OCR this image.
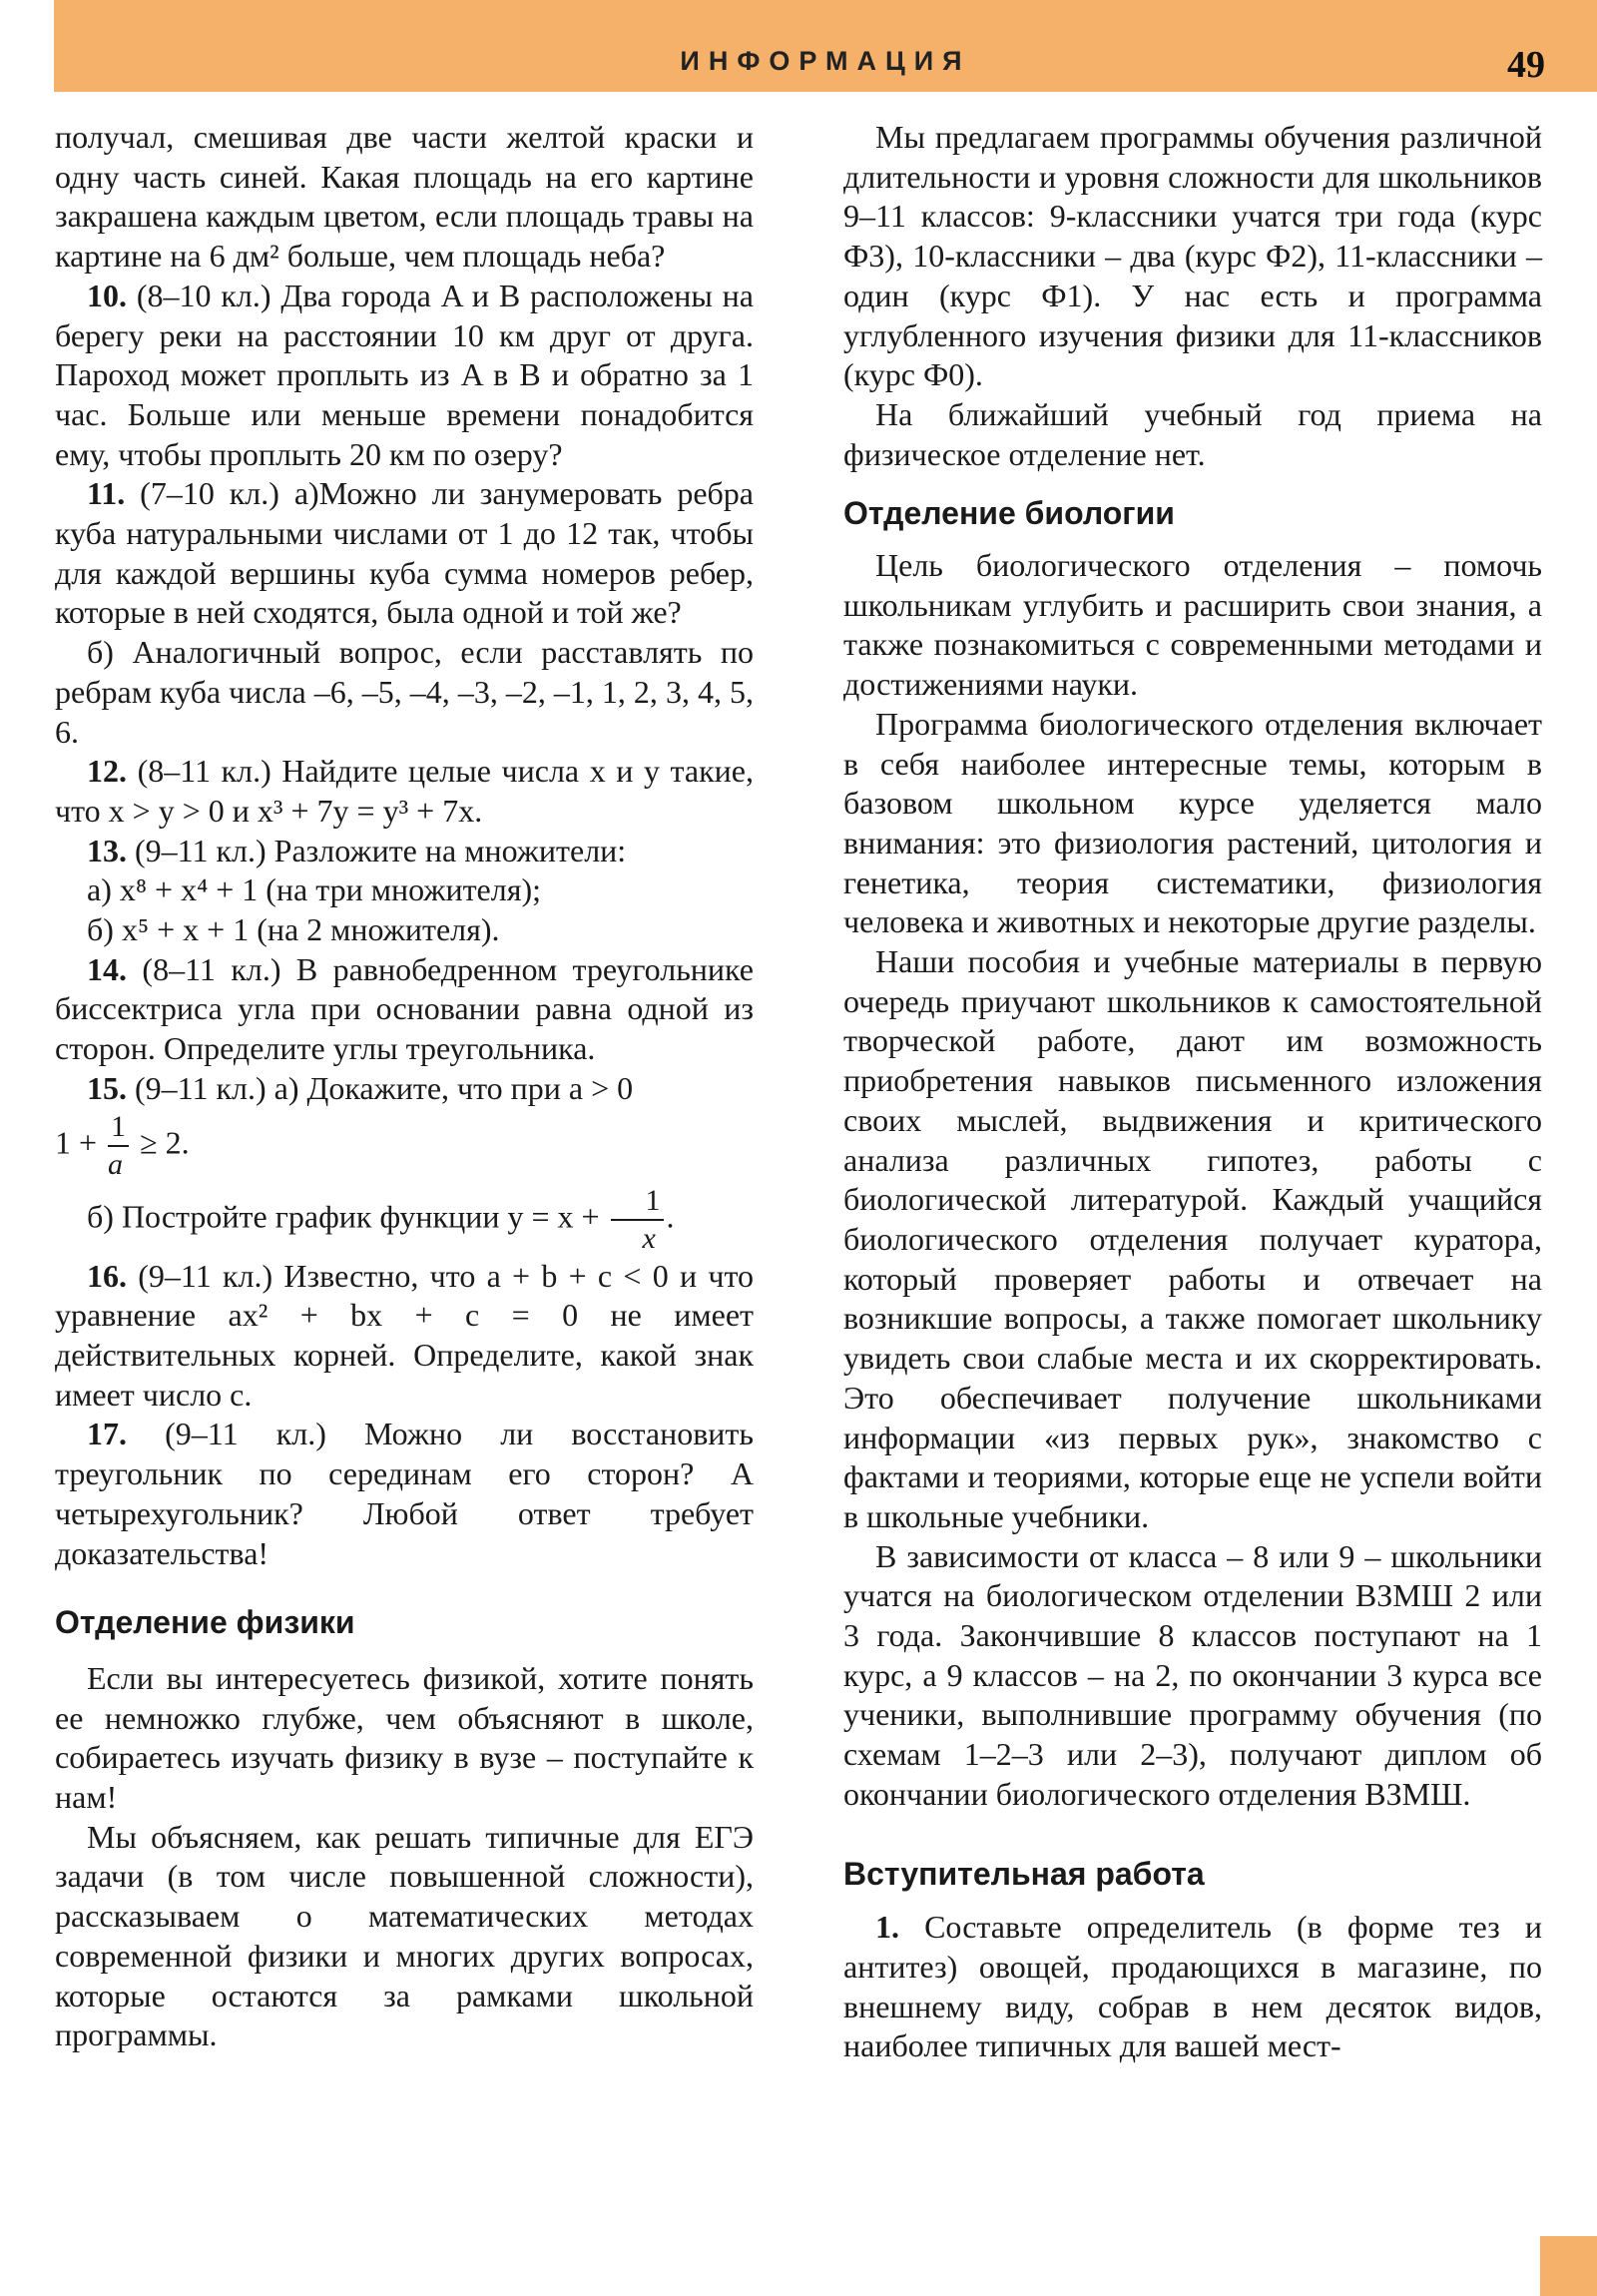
ИНФОРМАЦИЯ	49

получал, смешивая две части желтой краски и одну часть синей. Какая площадь на его картине закрашена каждым цветом, если площадь травы на картине на 6 дм² больше, чем площадь неба?

10. (8–10 кл.) Два города A и B расположены на берегу реки на расстоянии 10 км друг от друга. Пароход может проплыть из A в B и обратно за 1 час. Больше или меньше времени понадобится ему, чтобы проплыть 20 км по озеру?

11. (7–10 кл.) а)Можно ли занумеровать ребра куба натуральными числами от 1 до 12 так, чтобы для каждой вершины куба сумма номеров ребер, которые в ней сходятся, была одной и той же?

б) Аналогичный вопрос, если расставлять по ребрам куба числа –6, –5, –4, –3, –2, –1, 1, 2, 3, 4, 5, 6.

12. (8–11 кл.) Найдите целые числа x и y такие, что x > y > 0 и x³ + 7y = y³ + 7x.

13. (9–11 кл.) Разложите на множители:

а) x⁸ + x⁴ + 1 (на три множителя);

б) x⁵ + x + 1 (на 2 множителя).

14. (8–11 кл.) В равнобедренном треугольнике биссектриса угла при основании равна одной из сторон. Определите углы треугольника.

15. (9–11 кл.) а) Докажите, что при a > 0

$1 + \frac{1}{a} \ge 2$.

б) Постройте график функции $y = x + \frac{1}{x}$ .

16. (9–11 кл.) Известно, что a + b + c < 0 и что уравнение ax² + bx + c = 0 не имеет действительных корней. Определите, какой знак имеет число c.

17. (9–11 кл.) Можно ли восстановить треугольник по серединам его сторон? А четырехугольник? Любой ответ требует доказательства!

Отделение физики

Если вы интересуетесь физикой, хотите понять ее немножко глубже, чем объясняют в школе, собираетесь изучать физику в вузе – поступайте к нам!

Мы объясняем, как решать типичные для ЕГЭ задачи (в том числе повышенной сложности), рассказываем о математических методах современной физики и многих других вопросах, которые остаются за рамками школьной программы.

Мы предлагаем программы обучения различной длительности и уровня сложности для школьников 9–11 классов: 9-классники учатся три года (курс Ф3), 10-классники – два (курс Ф2), 11-классники – один (курс Ф1). У нас есть и программа углубленного изучения физики для 11-классников (курс Ф0).

На ближайший учебный год приема на физическое отделение нет.

Отделение биологии

Цель биологического отделения – помочь школьникам углубить и расширить свои знания, а также познакомиться с современными методами и достижениями науки.

Программа биологического отделения включает в себя наиболее интересные темы, которым в базовом школьном курсе уделяется мало внимания: это физиология растений, цитология и генетика, теория систематики, физиология человека и животных и некоторые другие разделы.

Наши пособия и учебные материалы в первую очередь приучают школьников к самостоятельной творческой работе, дают им возможность приобретения навыков письменного изложения своих мыслей, выдвижения и критического анализа различных гипотез, работы с биологической литературой. Каждый учащийся биологического отделения получает куратора, который проверяет работы и отвечает на возникшие вопросы, а также помогает школьнику увидеть свои слабые места и их скорректировать. Это обеспечивает получение школьниками информации «из первых рук», знакомство с фактами и теориями, которые еще не успели войти в школьные учебники.

В зависимости от класса – 8 или 9 – школьники учатся на биологическом отделении ВЗМШ 2 или 3 года. Закончившие 8 классов поступают на 1 курс, а 9 классов – на 2, по окончании 3 курса все ученики, выполнившие программу обучения (по схемам 1–2–3 или 2–3), получают диплом об окончании биологического отделения ВЗМШ.

Вступительная работа

1. Составьте определитель (в форме тез и антитез) овощей, продающихся в магазине, по внешнему виду, собрав в нем десяток видов, наиболее типичных для вашей мест-
